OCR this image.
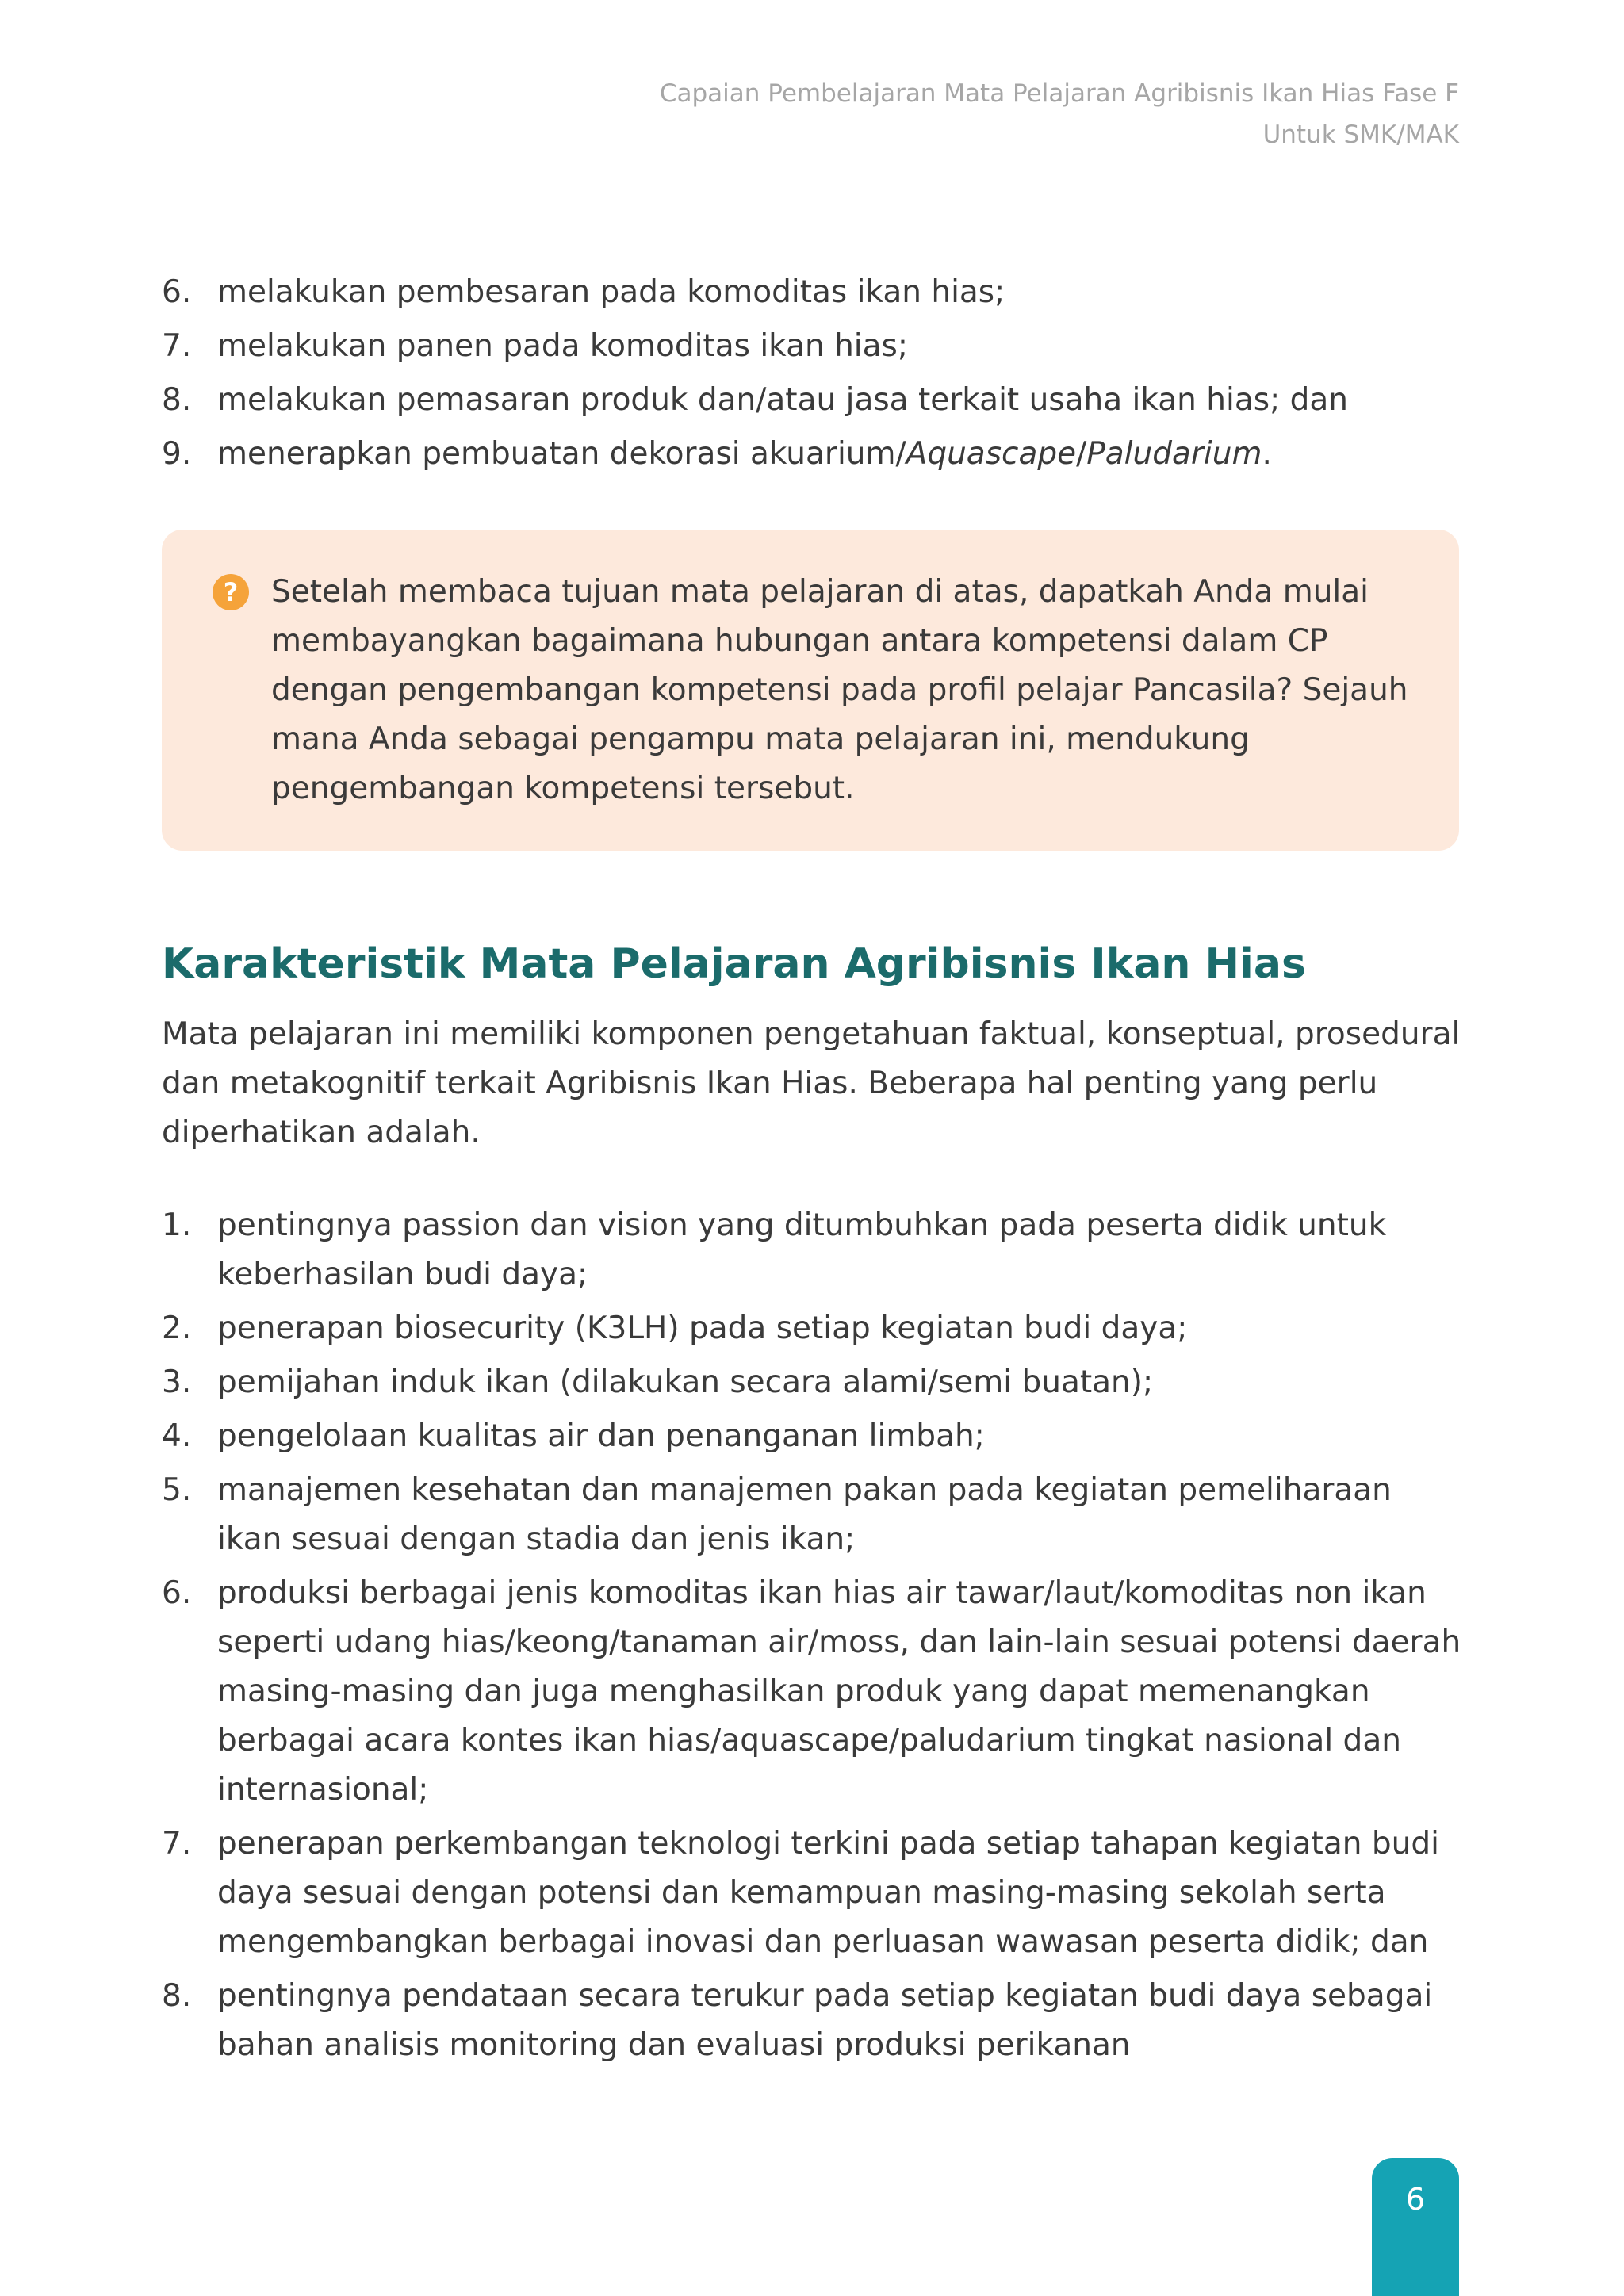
Capaian Pembelajaran Mata Pelajaran Agribisnis Ikan Hias Fase F
Untuk SMK/MAK
6. melakukan pembesaran pada komoditas ikan hias;
7. melakukan panen pada komoditas ikan hias;
8. melakukan pemasaran produk dan/atau jasa terkait usaha ikan hias; dan
9. menerapkan pembuatan dekorasi akuarium/Aquascape/Paludarium.
?	Setelah membaca tujuan mata pelajaran di atas, dapatkah Anda mulai membayangkan bagaimana hubungan antara kompetensi dalam CP dengan pengembangan kompetensi pada profil pelajar Pancasila? Sejauh mana Anda sebagai pengampu mata pelajaran ini, mendukung pengembangan kompetensi tersebut.

Karakteristik Mata Pelajaran Agribisnis Ikan Hias

Mata pelajaran ini memiliki komponen pengetahuan faktual, konseptual, prosedural dan metakognitif terkait Agribisnis Ikan Hias. Beberapa hal penting yang perlu diperhatikan adalah.

1. pentingnya passion dan vision yang ditumbuhkan pada peserta didik untuk keberhasilan budi daya;
2. penerapan biosecurity (K3LH) pada setiap kegiatan budi daya;
3. pemijahan induk ikan (dilakukan secara alami/semi buatan);
4. pengelolaan kualitas air dan penanganan limbah;
5. manajemen kesehatan dan manajemen pakan pada kegiatan pemeliharaan ikan sesuai dengan stadia dan jenis ikan;
6. produksi berbagai jenis komoditas ikan hias air tawar/laut/komoditas non ikan seperti udang hias/keong/tanaman air/moss, dan lain-lain sesuai potensi daerah masing-masing dan juga menghasilkan produk yang dapat memenangkan berbagai acara kontes ikan hias/aquascape/paludarium tingkat nasional dan internasional;
7. penerapan perkembangan teknologi terkini pada setiap tahapan kegiatan budi daya sesuai dengan potensi dan kemampuan masing-masing sekolah serta mengembangkan berbagai inovasi dan perluasan wawasan peserta didik; dan
8. pentingnya pendataan secara terukur pada setiap kegiatan budi daya sebagai bahan analisis monitoring dan evaluasi produksi perikanan
6
